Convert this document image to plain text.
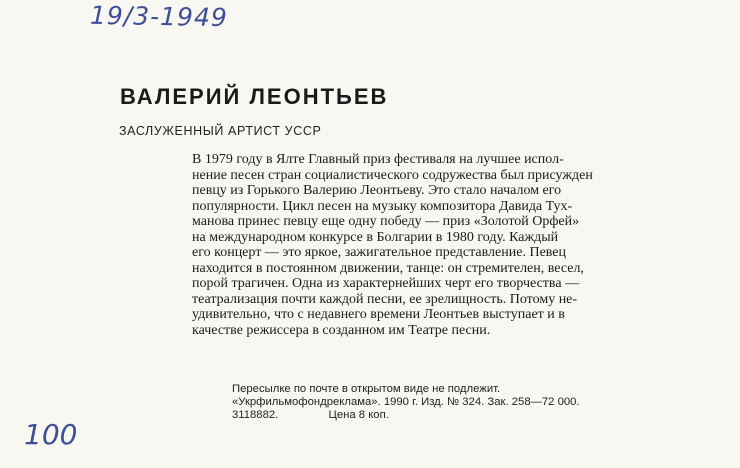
19/3-1949
ВАЛЕРИЙ ЛЕОНТЬЕВ
ЗАСЛУЖЕННЫЙ АРТИСТ УССР
В 1979 году в Ялте Главный приз фестиваля на лучшее испол-
нение песен стран социалистического содружества был присужден
певцу из Горького Валерию Леонтьеву. Это стало началом его
популярности. Цикл песен на музыку композитора Давида Тух-
манова принес певцу еще одну победу — приз «Золотой Орфей»
на международном конкурсе в Болгарии в 1980 году. Каждый
его концерт — это яркое, зажигательное представление. Певец
находится в постоянном движении, танце: он стремителен, весел,
порой трагичен. Одна из характернейших черт его творчества —
театрализация почти каждой песни, ее зрелищность. Потому не-
удивительно, что с недавнего времени Леонтьев выступает и в
качестве режиссера в созданном им Театре песни.
Пересылке по почте в открытом виде не подлежит.
«Укрфильмофондреклама». 1990 г. Изд. № 324. Зак. 258—72 000.
3118882.                Цена 8 коп.
100
